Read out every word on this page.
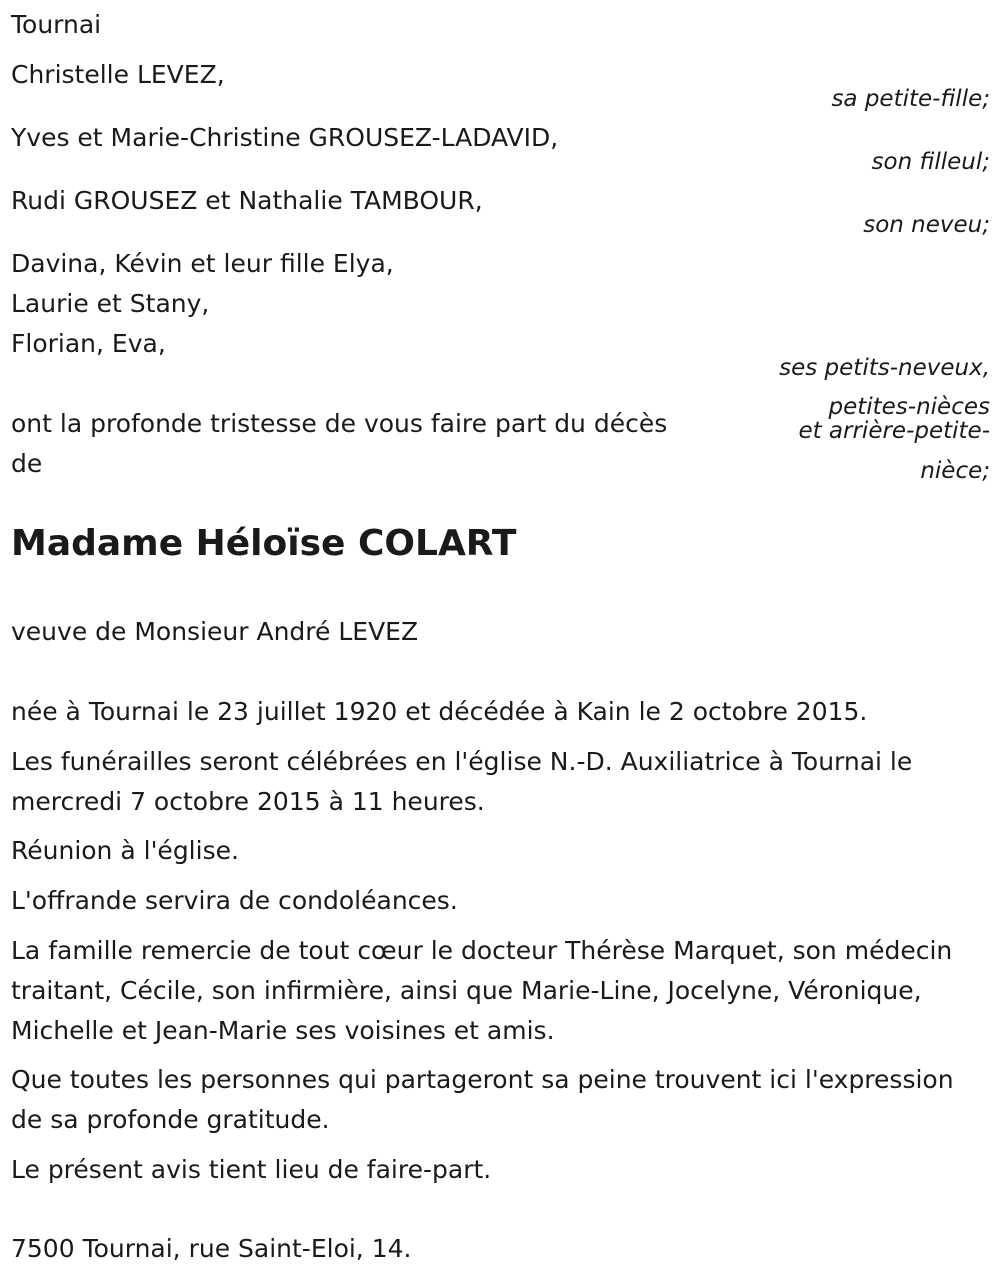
Tournai
Christelle LEVEZ,
sa petite-fille;
Yves et Marie-Christine GROUSEZ-LADAVID,
son filleul;
Rudi GROUSEZ et Nathalie TAMBOUR,
son neveu;
Davina, Kévin et leur fille Elya,
Laurie et Stany,
Florian, Eva,
ses petits-neveux,
petites-nièces
et arrière-petite-
nièce;
ont la profonde tristesse de vous faire part du décès
de
Madame Héloïse COLART
veuve de Monsieur André LEVEZ
née à Tournai le 23 juillet 1920 et décédée à Kain le 2 octobre 2015.
Les funérailles seront célébrées en l'église N.-D. Auxiliatrice à Tournai le mercredi 7 octobre 2015 à 11 heures.
Réunion à l'église.
L'offrande servira de condoléances.
La famille remercie de tout cœur le docteur Thérèse Marquet, son médecin traitant, Cécile, son infirmière, ainsi que Marie-Line, Jocelyne, Véronique, Michelle et Jean-Marie ses voisines et amis.
Que toutes les personnes qui partageront sa peine trouvent ici l'expression de sa profonde gratitude.
Le présent avis tient lieu de faire-part.
7500 Tournai, rue Saint-Eloi, 14.
